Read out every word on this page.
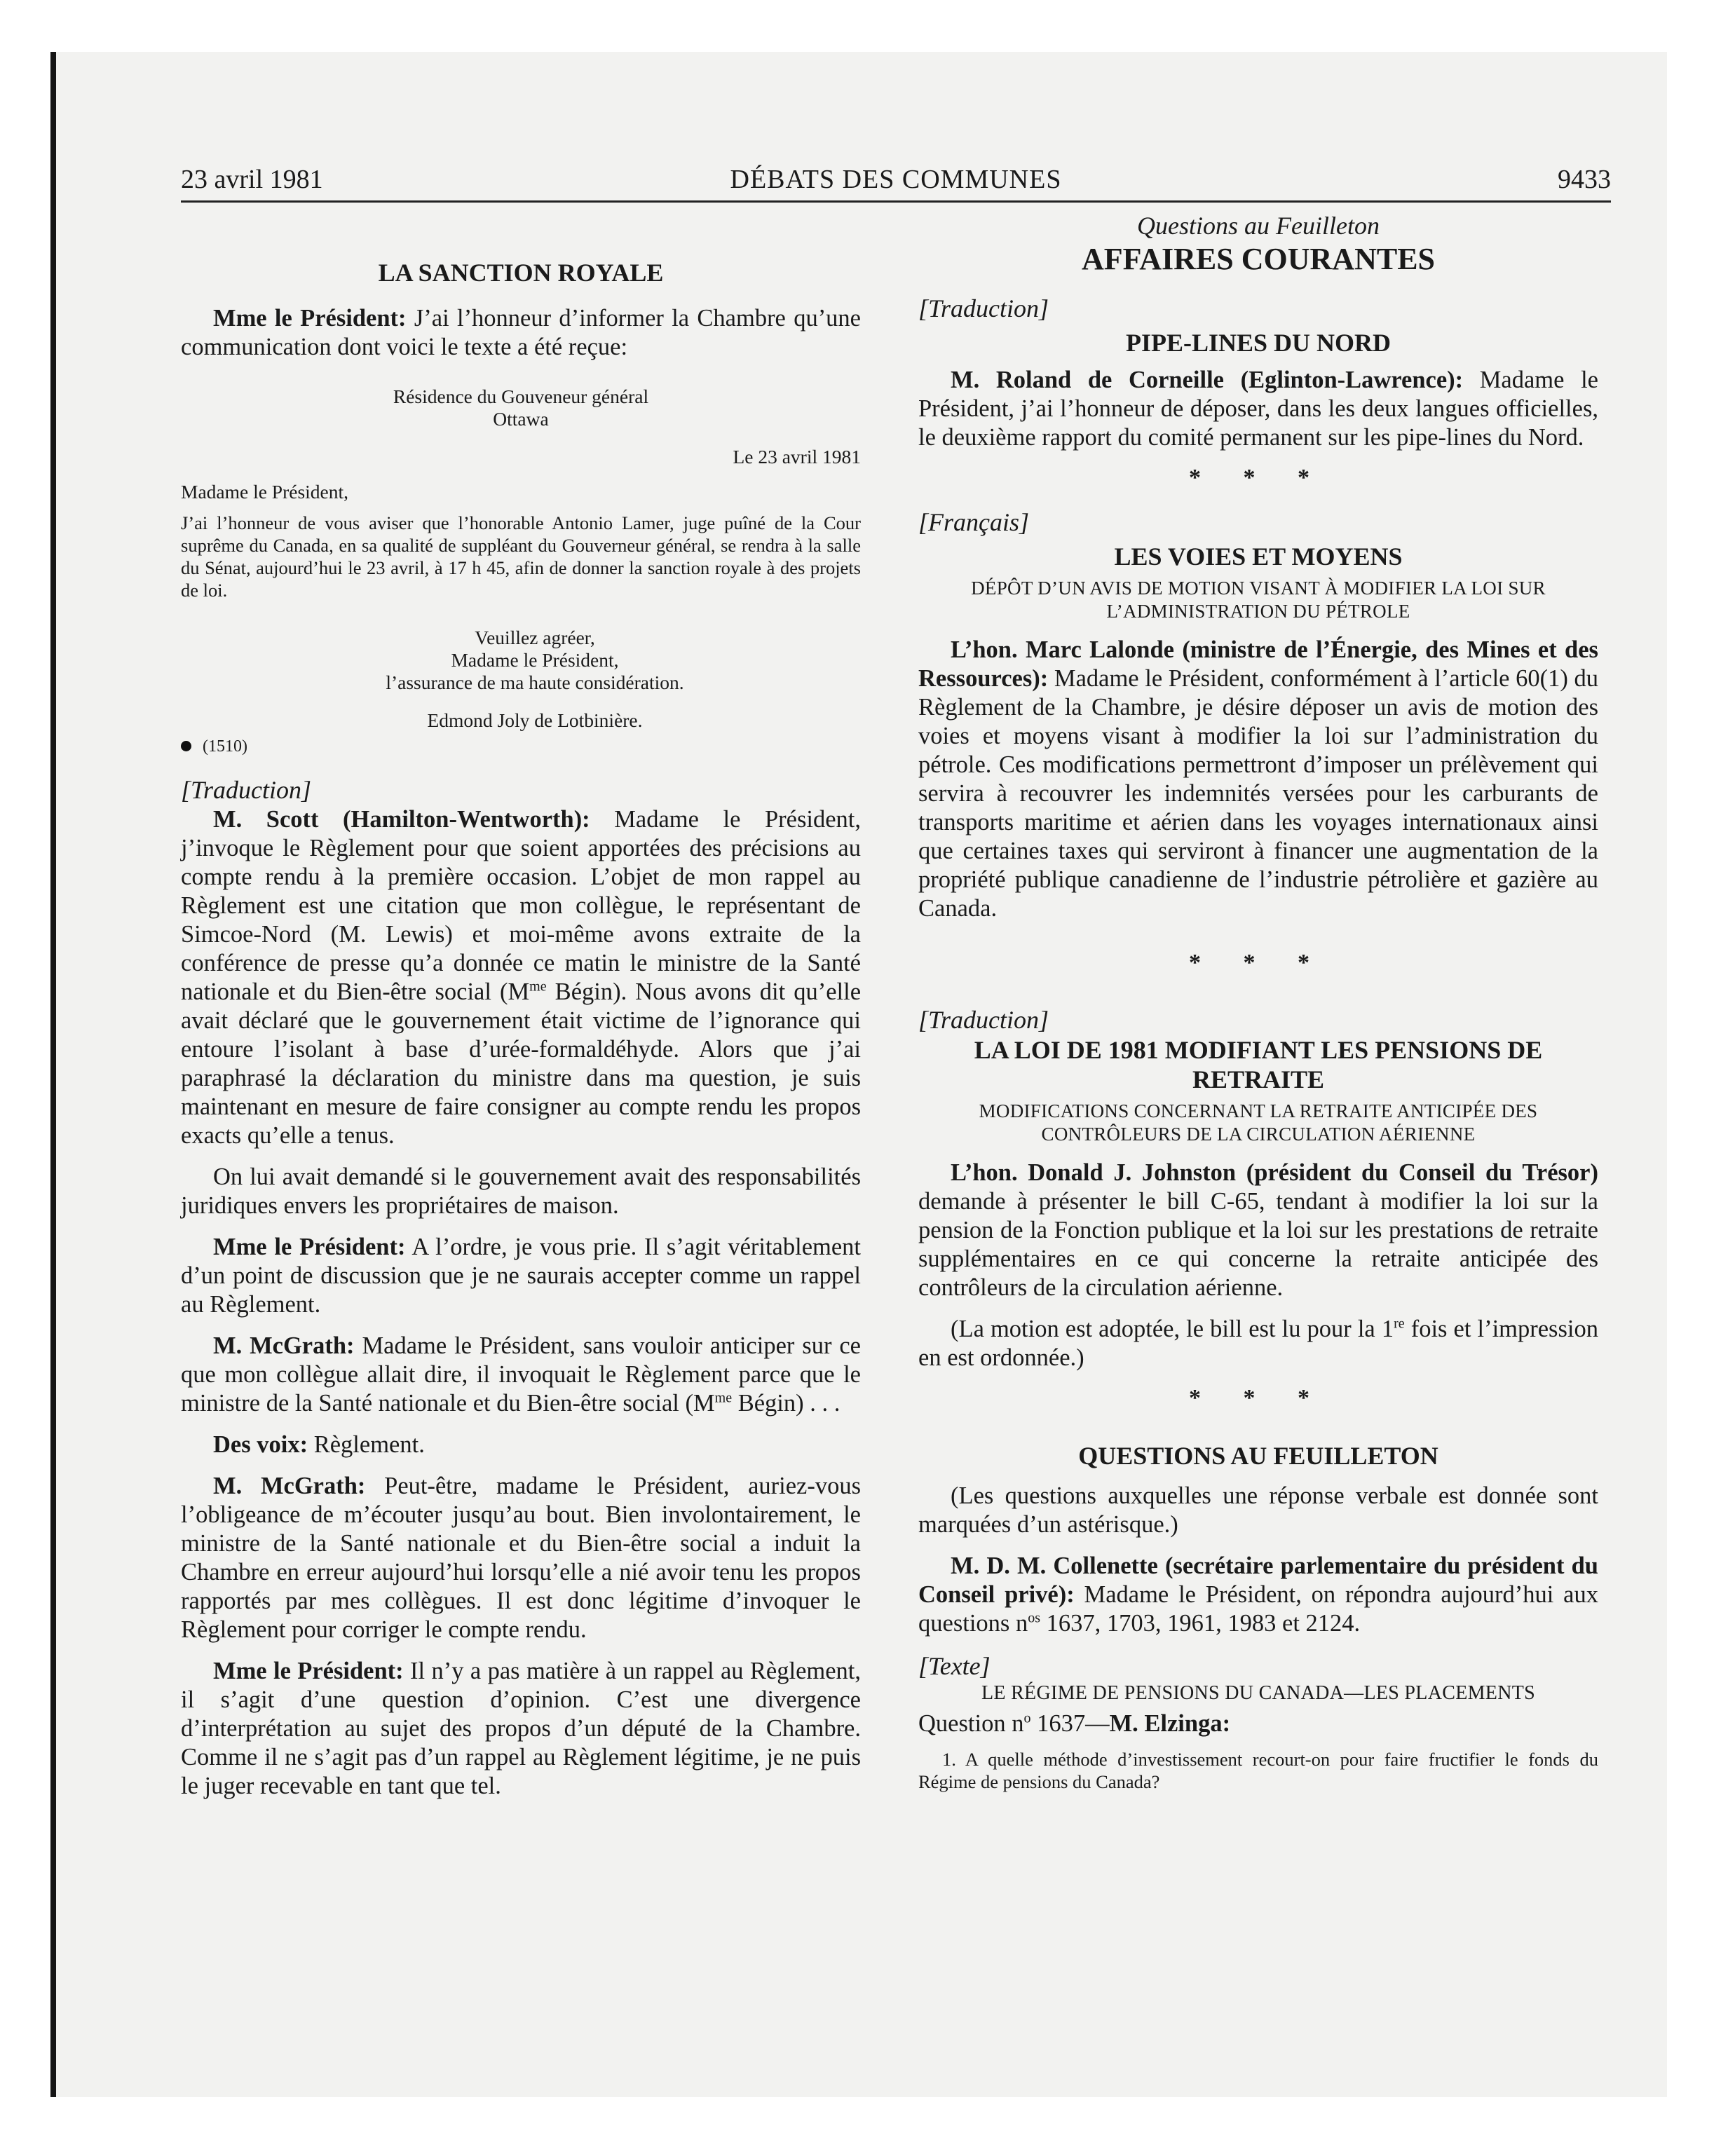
23 avril 1981	DÉBATS DES COMMUNES	9433

LA SANCTION ROYALE

Mme le Président: J’ai l’honneur d’informer la Chambre qu’une communication dont voici le texte a été reçue:

Résidence du Gouveneur général

Ottawa

Le 23 avril 1981

Madame le Président,

J’ai l’honneur de vous aviser que l’honorable Antonio Lamer, juge puîné de la Cour suprême du Canada, en sa qualité de suppléant du Gouverneur général, se rendra à la salle du Sénat, aujourd’hui le 23 avril, à 17 h 45, afin de donner la sanction royale à des projets de loi.

Veuillez agréer,

Madame le Président,

l’assurance de ma haute considération.

Edmond Joly de Lotbinière.

(1510)

[Traduction]

M. Scott (Hamilton-Wentworth): Madame le Président, j’invoque le Règlement pour que soient apportées des précisions au compte rendu à la première occasion. L’objet de mon rappel au Règlement est une citation que mon collègue, le représentant de Simcoe-Nord (M. Lewis) et moi-même avons extraite de la conférence de presse qu’a donnée ce matin le ministre de la Santé nationale et du Bien-être social ($M^{me}$ Bégin). Nous avons dit qu’elle avait déclaré que le gouvernement était victime de l’ignorance qui entoure l’isolant à base d’urée-formaldéhyde. Alors que j’ai paraphrasé la déclaration du ministre dans ma question, je suis maintenant en mesure de faire consigner au compte rendu les propos exacts qu’elle a tenus.

On lui avait demandé si le gouvernement avait des responsabilités juridiques envers les propriétaires de maison.

Mme le Président: A l’ordre, je vous prie. Il s’agit véritablement d’un point de discussion que je ne saurais accepter comme un rappel au Règlement.

M. McGrath: Madame le Président, sans vouloir anticiper sur ce que mon collègue allait dire, il invoquait le Règlement parce que le ministre de la Santé nationale et du Bien-être social ($M^{me}$ Bégin) . . .

Des voix: Règlement.

M. McGrath: Peut-être, madame le Président, auriez-vous l’obligeance de m’écouter jusqu’au bout. Bien involontairement, le ministre de la Santé nationale et du Bien-être social a induit la Chambre en erreur aujourd’hui lorsqu’elle a nié avoir tenu les propos rapportés par mes collègues. Il est donc légitime d’invoquer le Règlement pour corriger le compte rendu.

Mme le Président: Il n’y a pas matière à un rappel au Règlement, il s’agit d’une question d’opinion. C’est une divergence d’interprétation au sujet des propos d’un député de la Chambre. Comme il ne s’agit pas d’un rappel au Règlement légitime, je ne puis le juger recevable en tant que tel.

Questions au Feuilleton

AFFAIRES COURANTES

[Traduction]

PIPE-LINES DU NORD

M. Roland de Corneille (Eglinton-Lawrence): Madame le Président, j’ai l’honneur de déposer, dans les deux langues officielles, le deuxième rapport du comité permanent sur les pipe-lines du Nord.

* * *

[Français]

LES VOIES ET MOYENS

DÉPÔT D’UN AVIS DE MOTION VISANT À MODIFIER LA LOI SUR L’ADMINISTRATION DU PÉTROLE

L’hon. Marc Lalonde (ministre de l’Énergie, des Mines et des Ressources): Madame le Président, conformément à l’article 60(1) du Règlement de la Chambre, je désire déposer un avis de motion des voies et moyens visant à modifier la loi sur l’administration du pétrole. Ces modifications permettront d’imposer un prélèvement qui servira à recouvrer les indemnités versées pour les carburants de transports maritime et aérien dans les voyages internationaux ainsi que certaines taxes qui serviront à financer une augmentation de la propriété publique canadienne de l’industrie pétrolière et gazière au Canada.

* * *

[Traduction]

LA LOI DE 1981 MODIFIANT LES PENSIONS DE RETRAITE

MODIFICATIONS CONCERNANT LA RETRAITE ANTICIPÉE DES CONTRÔLEURS DE LA CIRCULATION AÉRIENNE

L’hon. Donald J. Johnston (président du Conseil du Trésor) demande à présenter le bill C-65, tendant à modifier la loi sur la pension de la Fonction publique et la loi sur les prestations de retraite supplémentaires en ce qui concerne la retraite anticipée des contrôleurs de la circulation aérienne.

(La motion est adoptée, le bill est lu pour la 1re fois et l’impression en est ordonnée.)

* * *

QUESTIONS AU FEUILLETON

(Les questions auxquelles une réponse verbale est donnée sont marquées d’un astérisque.)

M. D. M. Collenette (secrétaire parlementaire du président du Conseil privé): Madame le Président, on répondra aujourd’hui aux questions $n^{os}$ 1637, 1703, 1961, 1983 et 2124.

[Texte]

LE RÉGIME DE PENSIONS DU CANADA—LES PLACEMENTS

Question $n^o$ 1637—M. Elzinga:

1. A quelle méthode d’investissement recourt-on pour faire fructifier le fonds du Régime de pensions du Canada?
